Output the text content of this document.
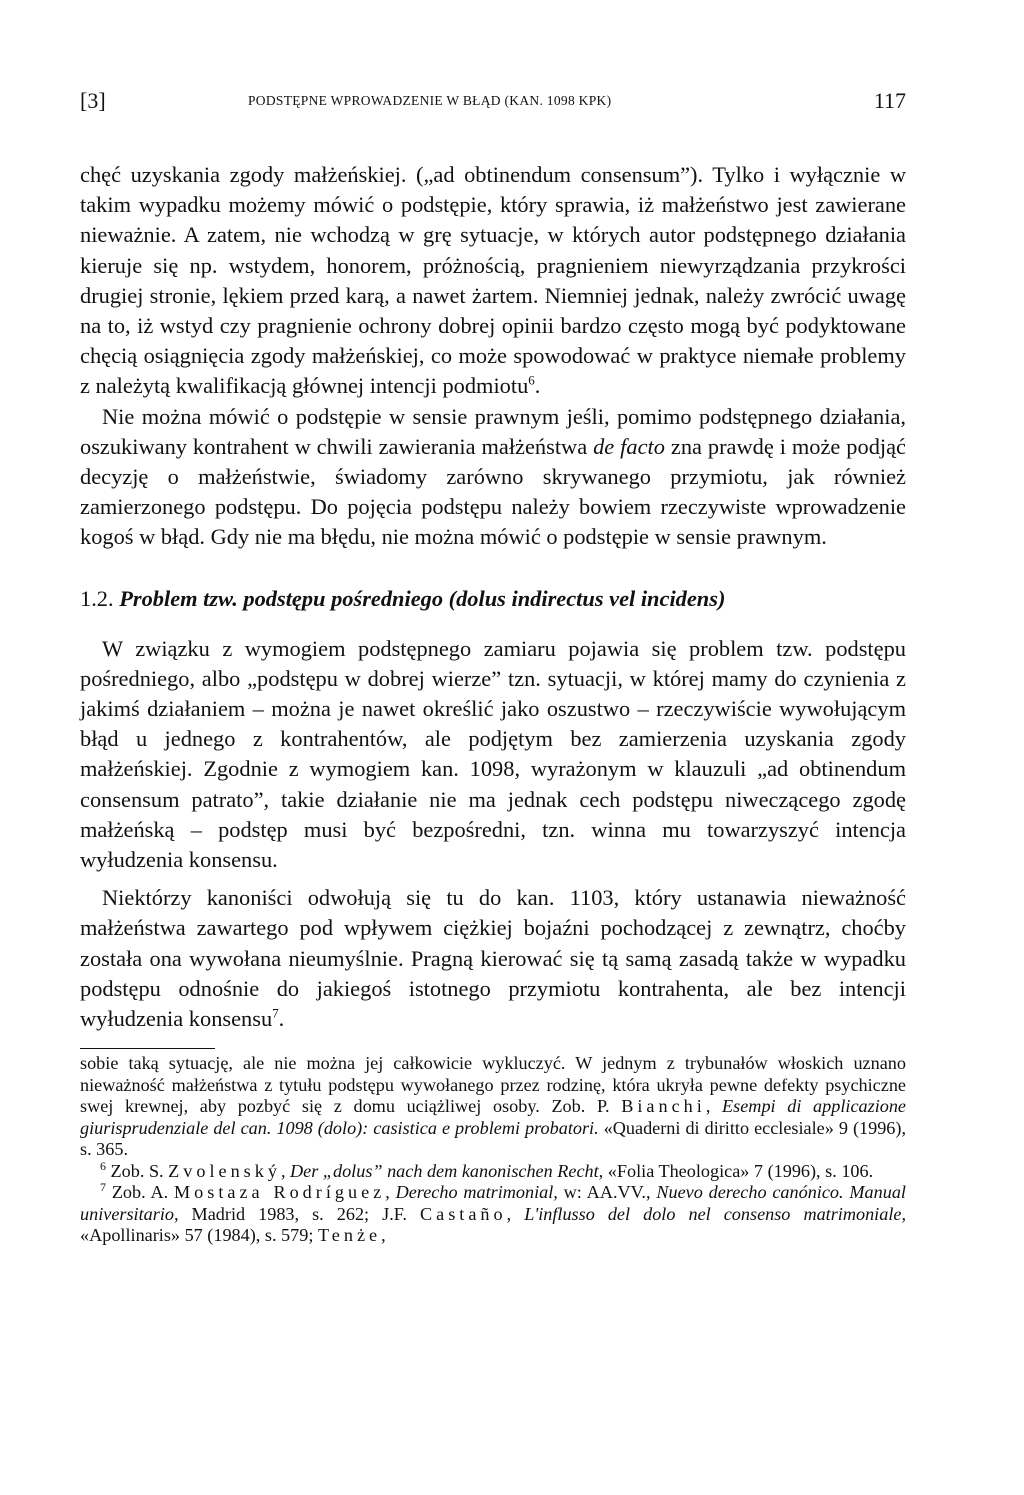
[3]	PODSTĘPNE WPROWADZENIE W BŁĄD (KAN. 1098 KPK)	117

chęć uzyskania zgody małżeńskiej. („ad obtinendum consensum”). Tylko i wyłącznie w takim wypadku możemy mówić o podstępie, który sprawia, iż małżeństwo jest zawierane nieważnie. A zatem, nie wchodzą w grę sytuacje, w których autor podstępnego działania kieruje się np. wstydem, honorem, próżnością, pragnieniem niewyrządzania przykrości drugiej stronie, lękiem przed karą, a nawet żartem. Niemniej jednak, należy zwrócić uwagę na to, iż wstyd czy pragnienie ochrony dobrej opinii bardzo często mogą być podyktowane chęcią osiągnięcia zgody małżeńskiej, co może spowodować w praktyce niemałe problemy z należytą kwalifikacją głównej intencji podmiotu$^6$.

Nie można mówić o podstępie w sensie prawnym jeśli, pomimo podstępnego działania, oszukiwany kontrahent w chwili zawierania małżeństwa de facto zna prawdę i może podjąć decyzję o małżeństwie, świadomy zarówno skrywanego przymiotu, jak również zamierzonego podstępu. Do pojęcia podstępu należy bowiem rzeczywiste wprowadzenie kogoś w błąd. Gdy nie ma błędu, nie można mówić o podstępie w sensie prawnym.

1.2. Problem tzw. podstępu pośredniego (dolus indirectus vel incidens)

W związku z wymogiem podstępnego zamiaru pojawia się problem tzw. podstępu pośredniego, albo „podstępu w dobrej wierze” tzn. sytuacji, w której mamy do czynienia z jakimś działaniem – można je nawet określić jako oszustwo – rzeczywiście wywołującym błąd u jednego z kontrahentów, ale podjętym bez zamierzenia uzyskania zgody małżeńskiej. Zgodnie z wymogiem kan. 1098, wyrażonym w klauzuli „ad obtinendum consensum patrato”, takie działanie nie ma jednak cech podstępu niweczącego zgodę małżeńską – podstęp musi być bezpośredni, tzn. winna mu towarzyszyć intencja wyłudzenia konsensu.

Niektórzy kanoniści odwołują się tu do kan. 1103, który ustanawia nieważność małżeństwa zawartego pod wpływem ciężkiej bojaźni pochodzącej z zewnątrz, choćby została ona wywołana nieumyślnie. Pragną kierować się tą samą zasadą także w wypadku podstępu odnośnie do jakiegoś istotnego przymiotu kontrahenta, ale bez intencji wyłudzenia konsensu$^7$.

sobie taką sytuację, ale nie można jej całkowicie wykluczyć. W jednym z trybunałów włoskich uznano nieważność małżeństwa z tytułu podstępu wywołanego przez rodzinę, która ukryła pewne defekty psychiczne swej krewnej, aby pozbyć się z domu uciążliwej osoby. Zob. P. Bianchi, Esempi di applicazione giurisprudenziale del can. 1098 (dolo): casistica e problemi probatori. «Quaderni di diritto ecclesiale» 9 (1996), s. 365.

$^6$ Zob. S. Zvolenský, Der „dolus” nach dem kanonischen Recht, «Folia Theologica» 7 (1996), s. 106.

$^7$ Zob. A. Mostaza Rodríguez, Derecho matrimonial, w: AA.VV., Nuevo derecho canónico. Manual universitario, Madrid 1983, s. 262; J.F. Castaño, L'influsso del dolo nel consenso matrimoniale, «Apollinaris» 57 (1984), s. 579; Tenże,
